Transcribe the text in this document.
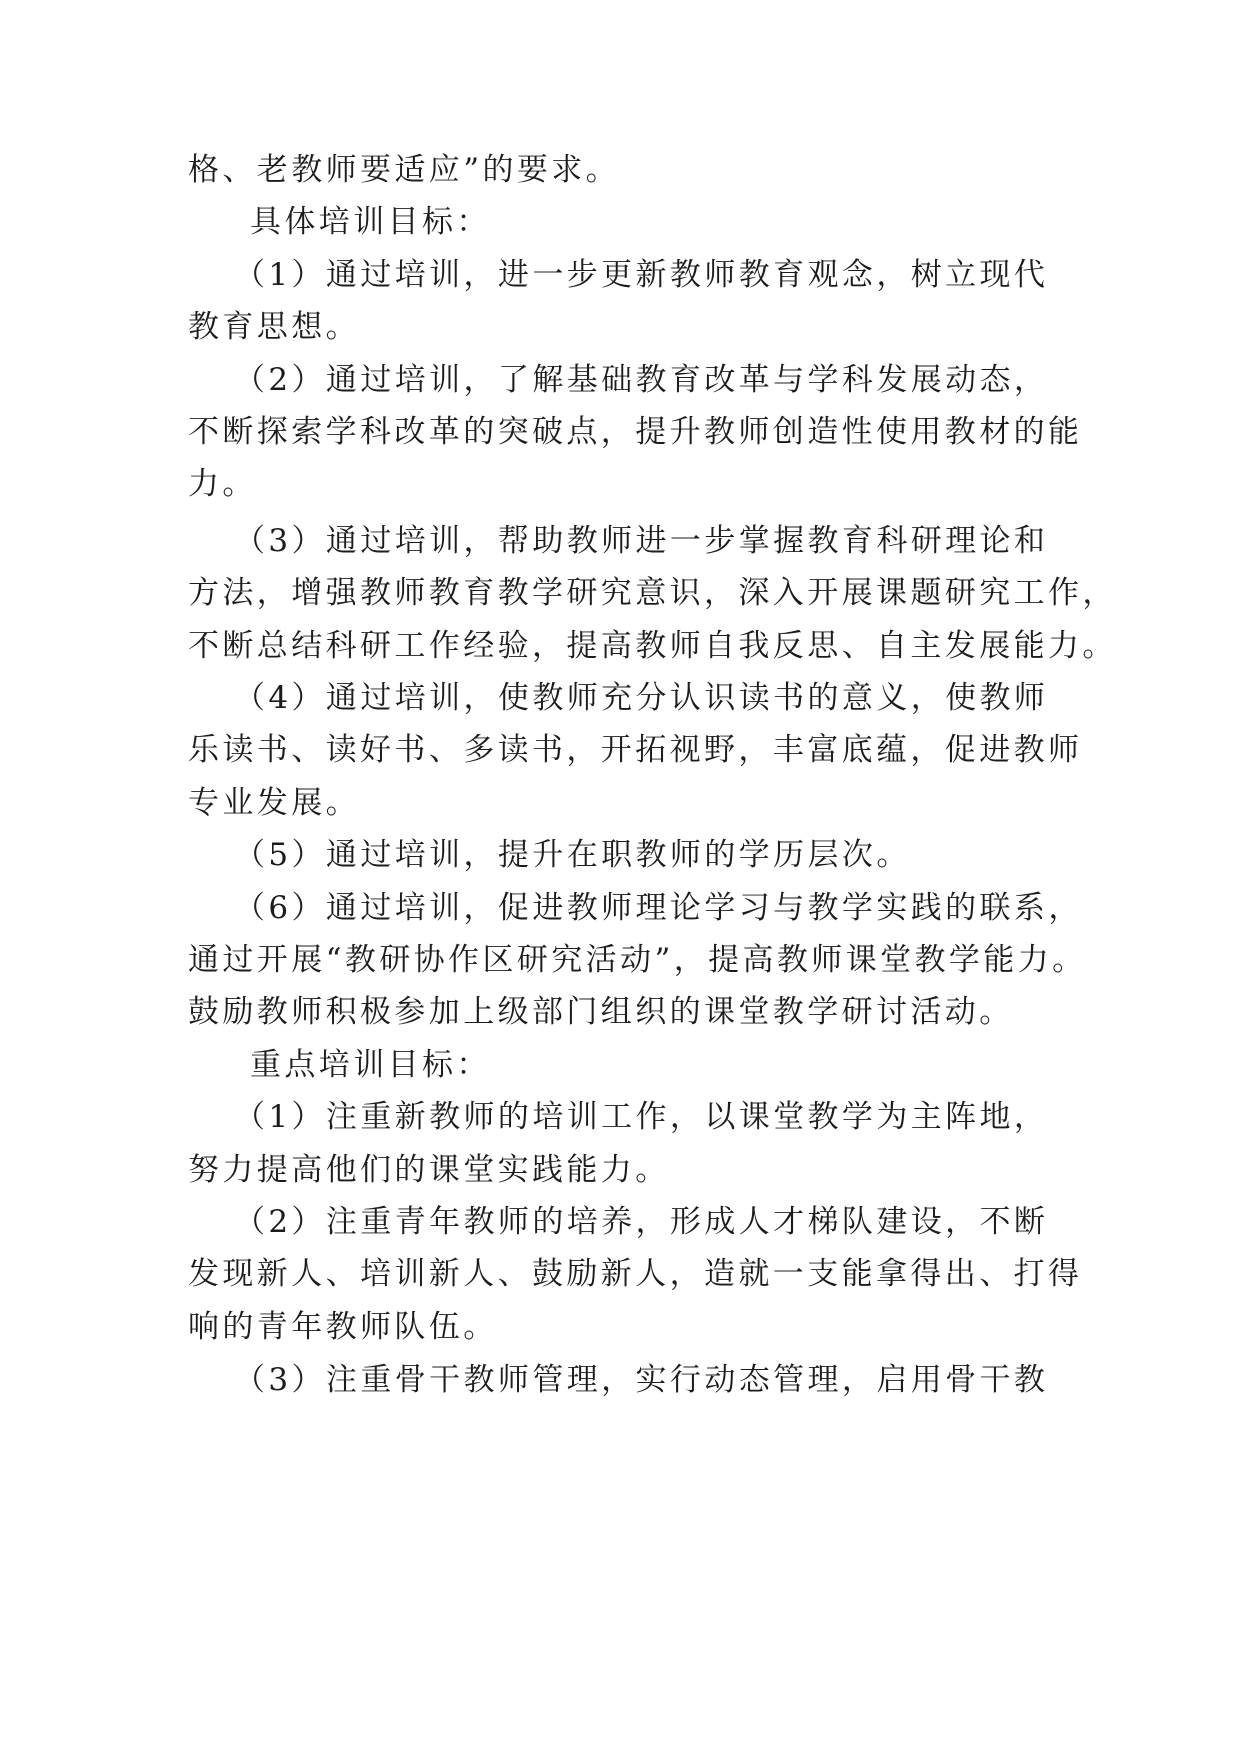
格、老教师要适应”的要求。
具体培训目标：
（1）通过培训，进一步更新教师教育观念，树立现代
教育思想。
（2）通过培训，了解基础教育改革与学科发展动态，
不断探索学科改革的突破点，提升教师创造性使用教材的能
力。
（3）通过培训，帮助教师进一步掌握教育科研理论和
方法，增强教师教育教学研究意识，深入开展课题研究工作，
不断总结科研工作经验，提高教师自我反思、自主发展能力。
（4）通过培训，使教师充分认识读书的意义，使教师
乐读书、读好书、多读书，开拓视野，丰富底蕴，促进教师
专业发展。
（5）通过培训，提升在职教师的学历层次。
（6）通过培训，促进教师理论学习与教学实践的联系，
通过开展“教研协作区研究活动”，提高教师课堂教学能力。
鼓励教师积极参加上级部门组织的课堂教学研讨活动。
重点培训目标：
（1）注重新教师的培训工作，以课堂教学为主阵地，
努力提高他们的课堂实践能力。
（2）注重青年教师的培养，形成人才梯队建设，不断
发现新人、培训新人、鼓励新人，造就一支能拿得出、打得
响的青年教师队伍。
（3）注重骨干教师管理，实行动态管理，启用骨干教
